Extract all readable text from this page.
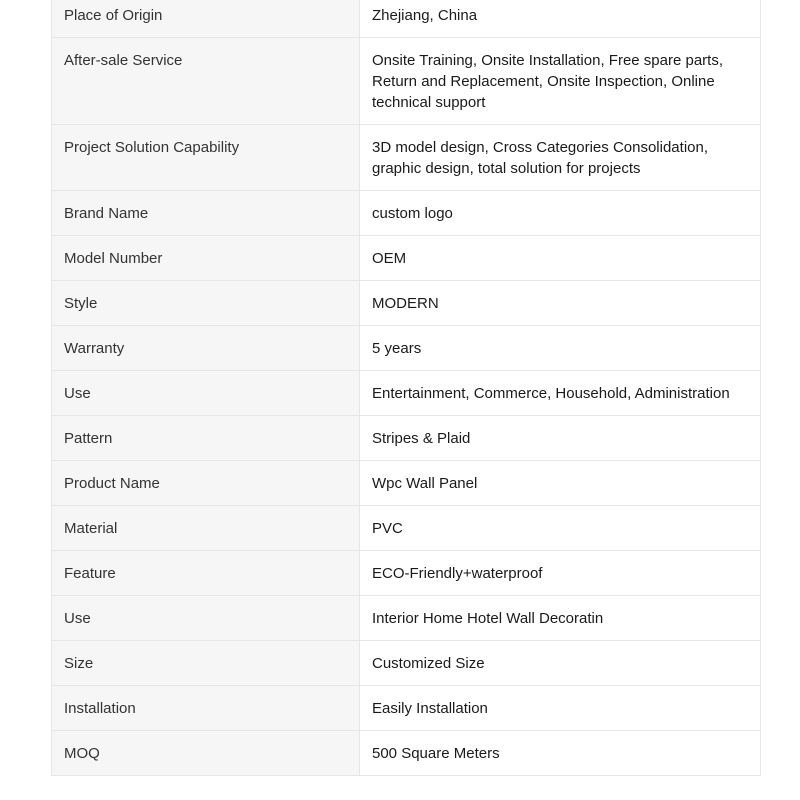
Place of Origin	Zhejiang, China
After-sale Service	Onsite Training, Onsite Installation, Free spare parts, Return and Replacement, Onsite Inspection, Online technical support
Project Solution Capability	3D model design, Cross Categories Consolidation, graphic design, total solution for projects
Brand Name	custom logo
Model Number	OEM
Style	MODERN
Warranty	5 years
Use	Entertainment, Commerce, Household, Administration
Pattern	Stripes & Plaid
Product Name	Wpc Wall Panel
Material	PVC
Feature	ECO-Friendly+waterproof
Use	Interior Home Hotel Wall Decoratin
Size	Customized Size
Installation	Easily Installation
MOQ	500 Square Meters
